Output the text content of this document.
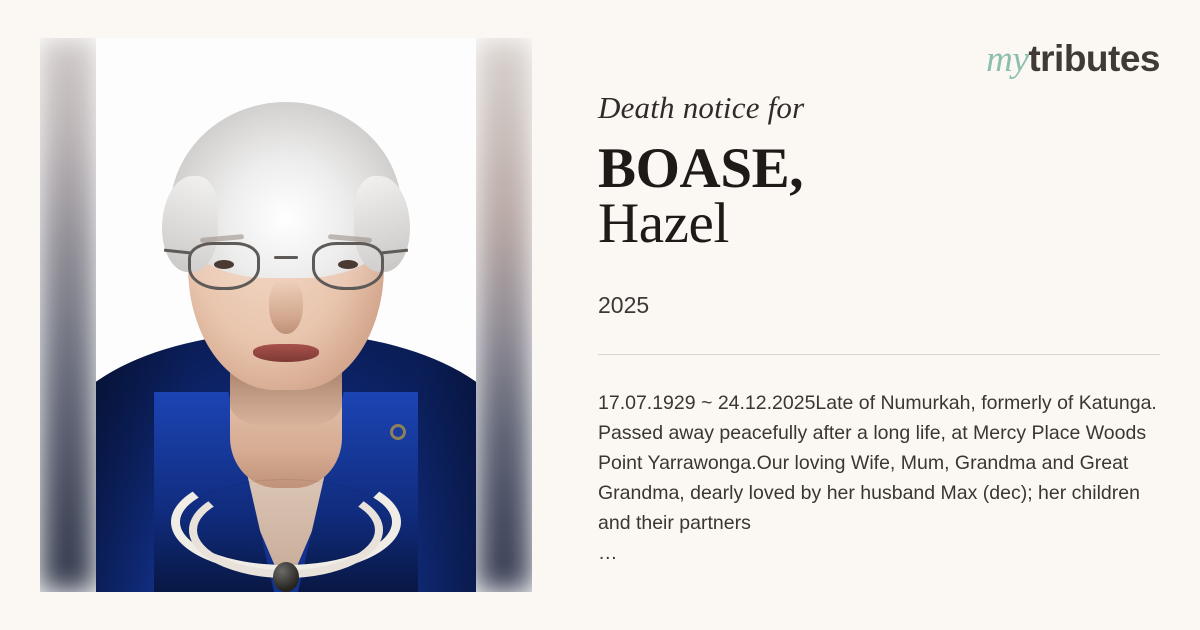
mytributes
Death notice for
BOASE,
Hazel
2025

17.07.1929 ~ 24.12.2025Late of Numurkah, formerly of Katunga. Passed away peacefully after a long life, at Mercy Place Woods Point Yarrawonga.Our loving Wife, Mum, Grandma and Great Grandma, dearly loved by her husband Max (dec); her children and their partners

…
